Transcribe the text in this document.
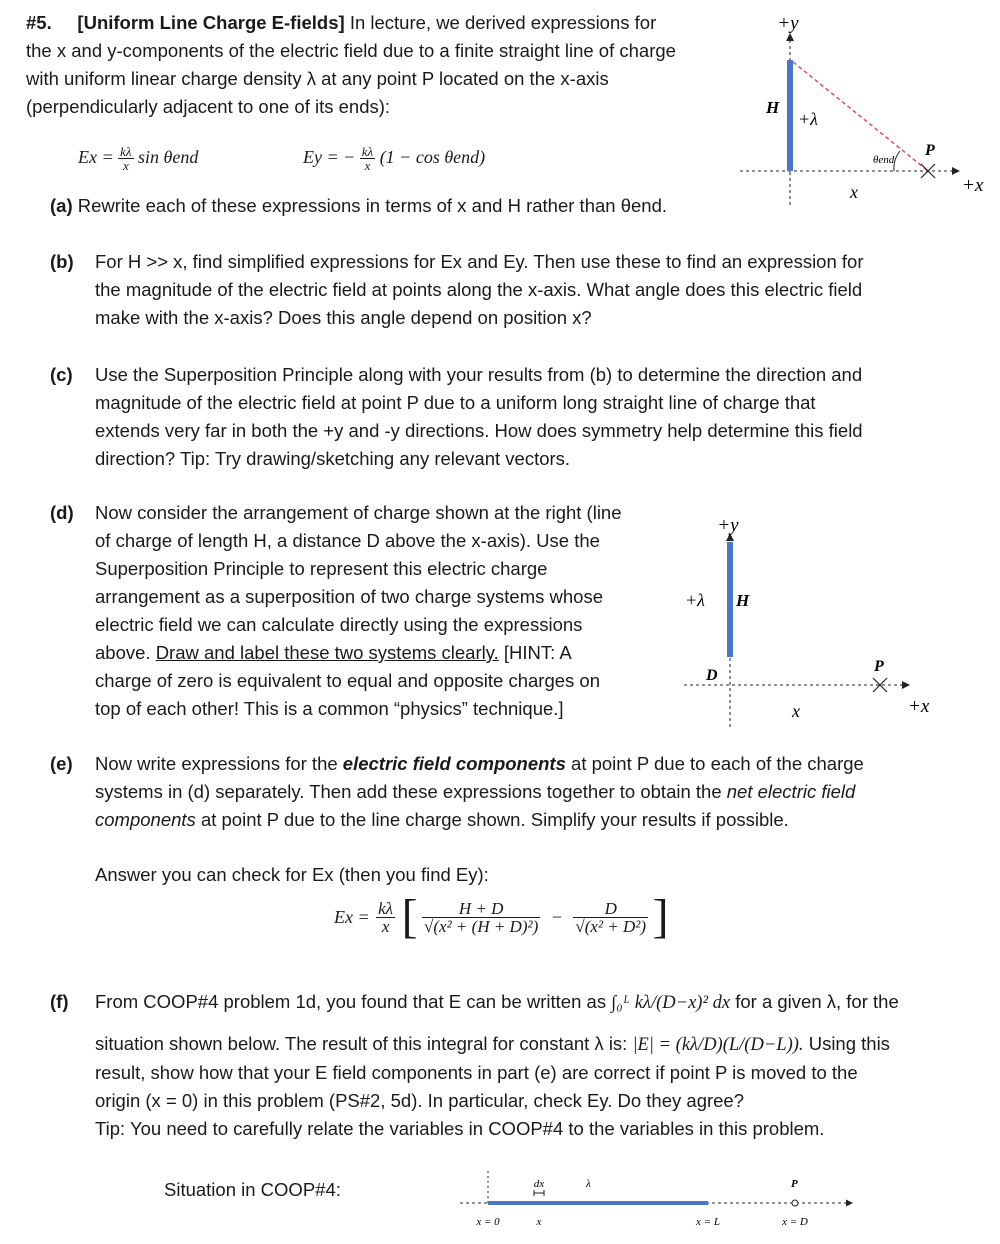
#5. [Uniform Line Charge E-fields] In lecture, we derived expressions for
the x and y-components of the electric field due to a finite straight line of charge
with uniform linear charge density λ at any point P located on the x-axis
(perpendicularly adjacent to one of its ends):
$Ex = \frac{k\lambda}{x}$ sin θend	Ey = − $\frac{k\lambda}{x} (1 - \cos \theta end)$
+y
H
+λ
θend
P
x	+x
(a) Rewrite each of these expressions in terms of x and H rather than θend.
(b) For H >> x, find simplified expressions for Ex and Ey. Then use these to find an expression for
the magnitude of the electric field at points along the x-axis. What angle does this electric field
make with the x-axis? Does this angle depend on position x?
(c) Use the Superposition Principle along with your results from (b) to determine the direction and
magnitude of the electric field at point P due to a uniform long straight line of charge that
extends very far in both the +y and -y directions. How does symmetry help determine this field
direction? Tip: Try drawing/sketching any relevant vectors.
(d) Now consider the arrangement of charge shown at the right (line
of charge of length H, a distance D above the x-axis). Use the
Superposition Principle to represent this electric charge
arrangement as a superposition of two charge systems whose
electric field we can calculate directly using the expressions
above. Draw and label these two systems clearly. [HINT: A
charge of zero is equivalent to equal and opposite charges on
top of each other! This is a common “physics” technique.]
+y
+λ H
D
P
x	+x
(e) Now write expressions for the electric field components at point P due to each of the charge
systems in (d) separately. Then add these expressions together to obtain the net electric field
components at point P due to the line charge shown. Simplify your results if possible.
Answer you can check for Ex (then you find Ey):
$Ex = \frac{k\lambda}{x}$ [ $\frac{H + D}{\text{√(x² + (H + D)²)}} - \frac{D}{\text{√(x² + D²)}}$ ]
(f) From COOP#4 problem 1d, you found that E can be written as ∫₀ᴸ kλ/(D−x)² dx for a given λ, for the
situation shown below. The result of this integral for constant λ is: |E| = (kλ/D)(L/(D−L)). Using this
result, show how that your E field components in part (e) are correct if point P is moved to the
origin (x = 0) in this problem (PS#2, 5d). In particular, check Ey. Do they agree?
Tip: You need to carefully relate the variables in COOP#4 to the variables in this problem.
Situation in COOP#4:	dx	λ	P
x = 0	x	x = L	x = D
